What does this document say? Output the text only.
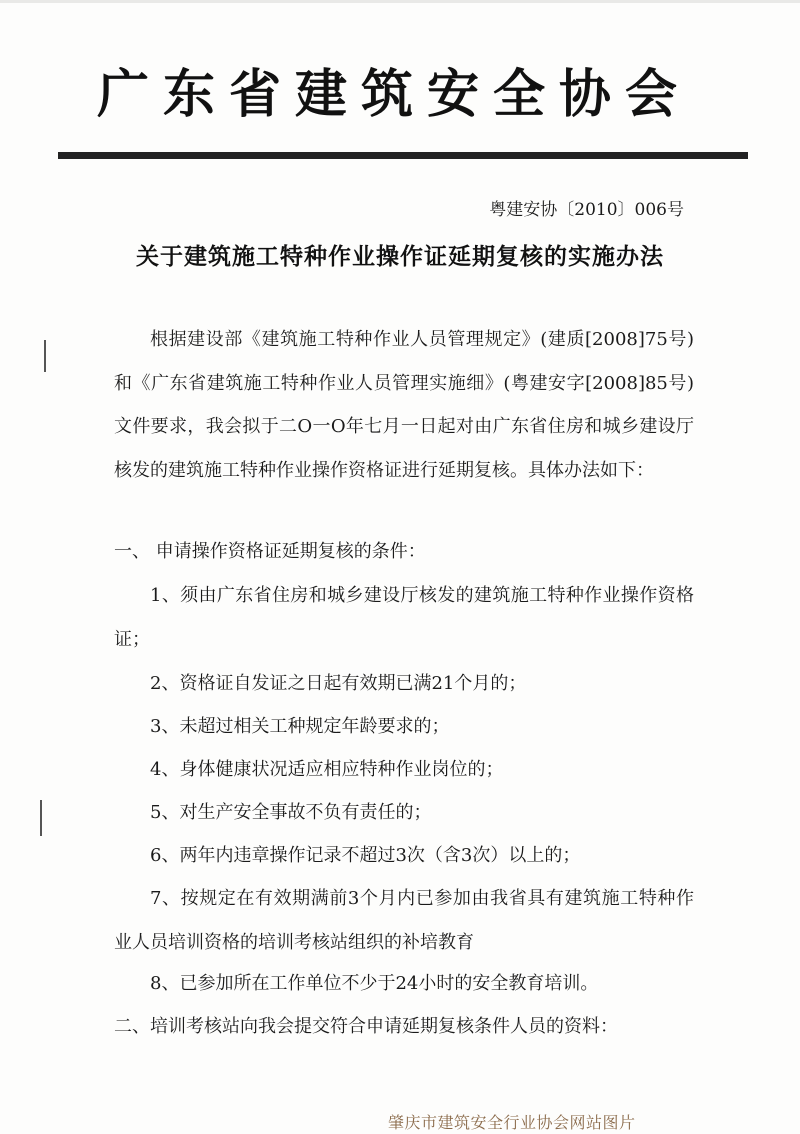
广东省建筑安全协会
粤建安协〔2010〕006号
关于建筑施工特种作业操作证延期复核的实施办法

根据建设部《建筑施工特种作业人员管理规定》(建质[2008]75号)和《广东省建筑施工特种作业人员管理实施细》(粤建安字[2008]85号)文件要求，我会拟于二O一O年七月一日起对由广东省住房和城乡建设厅核发的建筑施工特种作业操作资格证进行延期复核。具体办法如下：

一、 申请操作资格证延期复核的条件：

1、须由广东省住房和城乡建设厅核发的建筑施工特种作业操作资格证；

2、资格证自发证之日起有效期已满21个月的；

3、未超过相关工种规定年龄要求的；

4、身体健康状况适应相应特种作业岗位的；

5、对生产安全事故不负有责任的；

6、两年内违章操作记录不超过3次（含3次）以上的；

7、按规定在有效期满前3个月内已参加由我省具有建筑施工特种作业人员培训资格的培训考核站组织的补培教育

8、已参加所在工作单位不少于24小时的安全教育培训。

二、培训考核站向我会提交符合申请延期复核条件人员的资料：

肇庆市建筑安全行业协会网站图片
